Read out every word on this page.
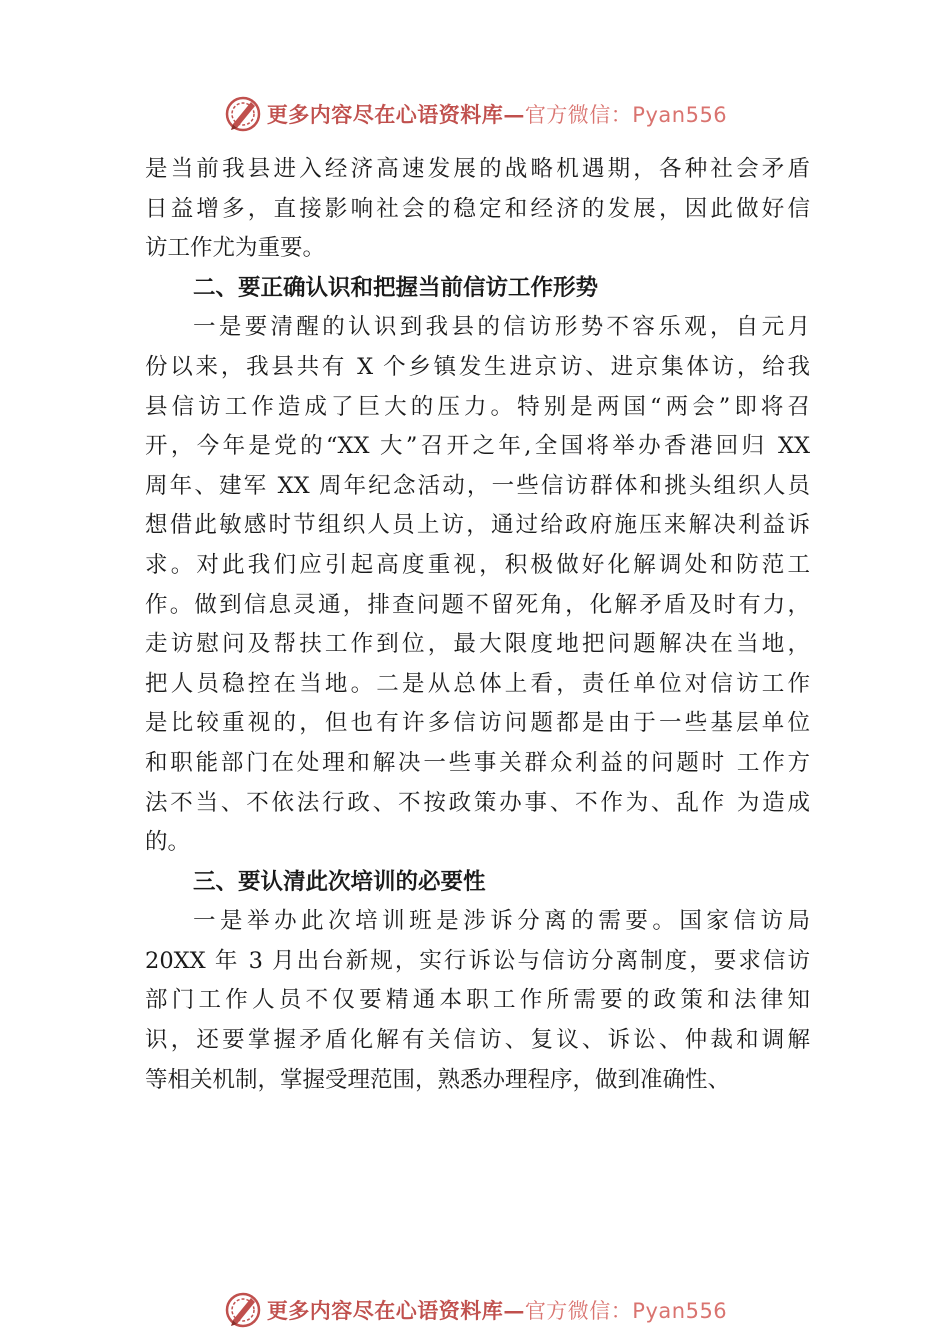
更多内容尽在心语资料库—官方微信：Pyan556
是当前我县进入经济高速发展的战略机遇期，各种社会矛盾
日益增多，直接影响社会的稳定和经济的发展，因此做好信
访工作尤为重要。
二、要正确认识和把握当前信访工作形势
一是要清醒的认识到我县的信访形势不容乐观，自元月
份以来，我县共有 X 个乡镇发生进京访、进京集体访，给我
县信访工作造成了巨大的压力。特别是两国“两会”即将召
开，今年是党的“XX 大”召开之年,全国将举办香港回归 XX
周年、建军 XX 周年纪念活动，一些信访群体和挑头组织人员
想借此敏感时节组织人员上访，通过给政府施压来解决利益诉
求。对此我们应引起高度重视，积极做好化解调处和防范工
作。做到信息灵通，排查问题不留死角，化解矛盾及时有力，
走访慰问及帮扶工作到位，最大限度地把问题解决在当地，
把人员稳控在当地。二是从总体上看，责任单位对信访工作
是比较重视的，但也有许多信访问题都是由于一些基层单位
和职能部门在处理和解决一些事关群众利益的问题时 工作方
法不当、不依法行政、不按政策办事、不作为、乱作 为造成
的。
三、要认清此次培训的必要性
一是举办此次培训班是涉诉分离的需要。国家信访局
20XX 年 3 月出台新规，实行诉讼与信访分离制度，要求信访
部门工作人员不仅要精通本职工作所需要的政策和法律知
识，还要掌握矛盾化解有关信访、复议、诉讼、仲裁和调解
等相关机制，掌握受理范围，熟悉办理程序，做到准确性、
更多内容尽在心语资料库—官方微信：Pyan556
